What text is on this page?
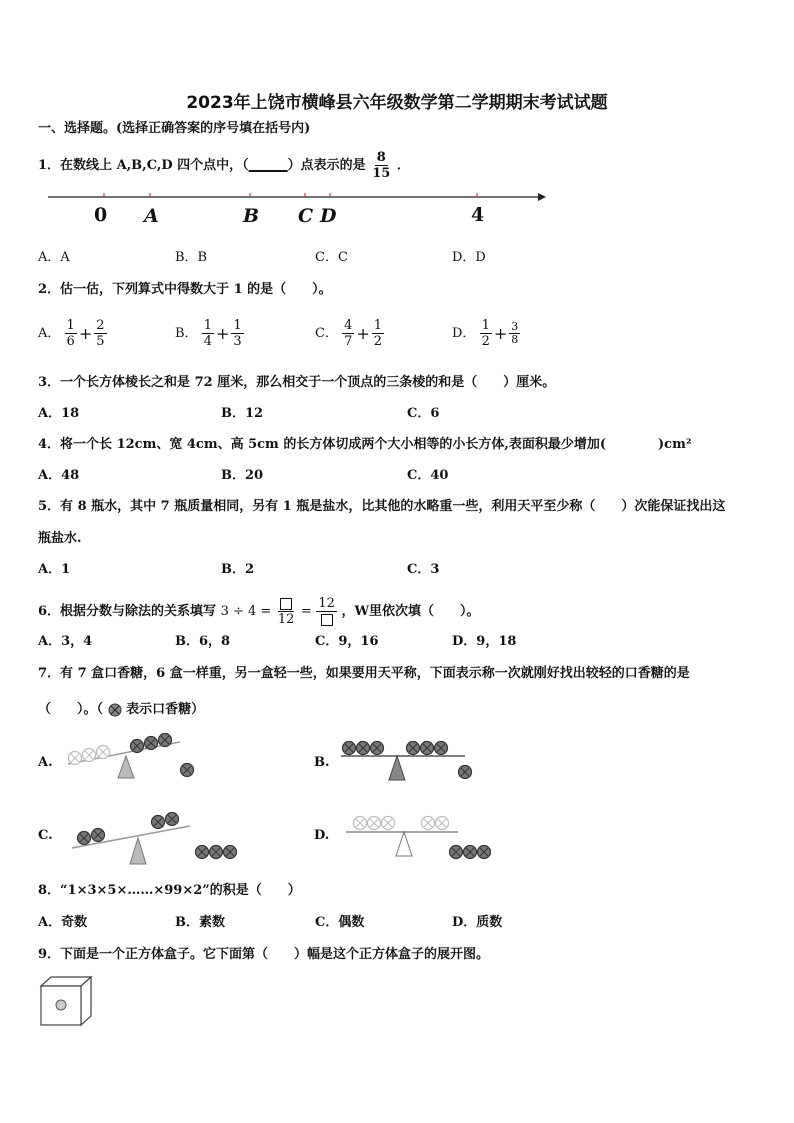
2023年上饶市横峰县六年级数学第二学期期末考试试题
一、选择题。(选择正确答案的序号填在括号内)
1．在数线上 A,B,C,D 四个点中，（______）点表示的是 $\frac{8}{15}$ ．
0 A	B C D	4
A．A	B．B	C．C	D．D
2．估一估，下列算式中得数大于 1 的是（　　）。
A． $\frac{1}{6} + \frac{2}{5}$	B． $\frac{1}{4} + \frac{1}{3}$	C． $\frac{4}{7} + \frac{1}{2}$	D． $\frac{1}{2} + \frac{3}{8}$
3．一个长方体棱长之和是 72 厘米，那么相交于一个顶点的三条棱的和是（　　）厘米。
A．18	B．12	C．6
4．将一个长 12cm、宽 4cm、高 5cm 的长方体切成两个大小相等的小长方体,表面积最少增加(　　　　)cm²
A．48	B．20	C．40
5．有 8 瓶水，其中 7 瓶质量相同，另有 1 瓶是盐水，比其他的水略重一些，利用天平至少称（　　）次能保证找出这
瓶盐水.
A．1	B．2	C．3
6．根据分数与除法的关系填写 3 ÷ 4 =
12
=
12
，W里依次填（　　）。
A．3，4	B．6，8	C．9，16	D．9，18
7．有 7 盒口香糖，6 盒一样重，另一盒轻一些，如果要用天平称，下面表示称一次就刚好找出较轻的口香糖的是
（　　）。（ 表示口香糖）
A.	B.
C.	D.
8．“1×3×5×……×99×2”的积是（　　）
A．奇数	B．素数	C．偶数	D．质数
9．下面是一个正方体盒子。它下面第（　　）幅是这个正方体盒子的展开图。
